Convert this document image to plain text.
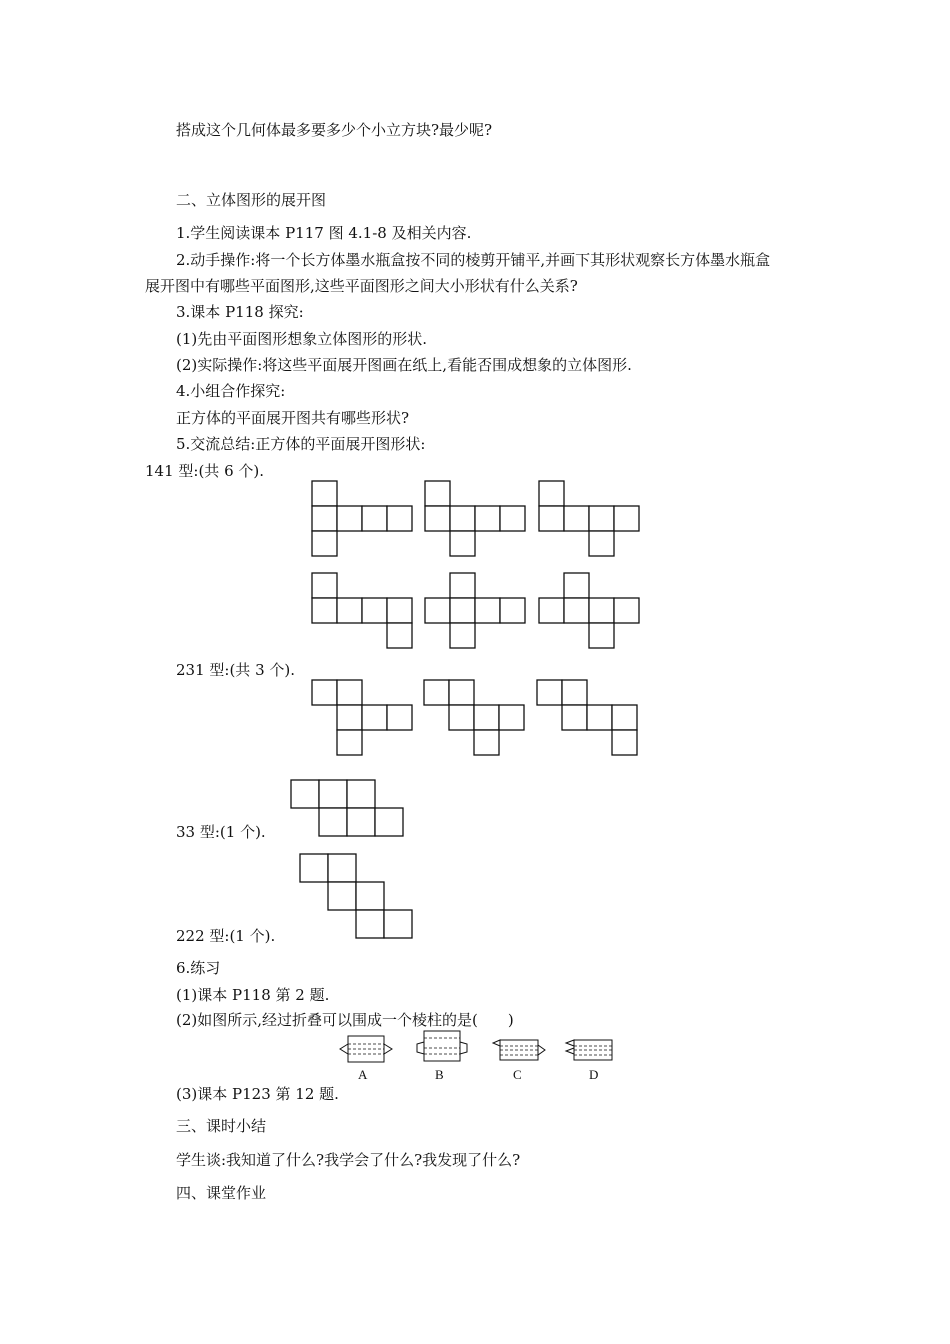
搭成这个几何体最多要多少个小立方块?最少呢?
二、立体图形的展开图
1.学生阅读课本 P117 图 4.1-8 及相关内容.
2.动手操作:将一个长方体墨水瓶盒按不同的棱剪开铺平,并画下其形状观察长方体墨水瓶盒
展开图中有哪些平面图形,这些平面图形之间大小形状有什么关系?
3.课本 P118 探究:
(1)先由平面图形想象立体图形的形状.
(2)实际操作:将这些平面展开图画在纸上,看能否围成想象的立体图形.
4.小组合作探究:
正方体的平面展开图共有哪些形状?
5.交流总结:正方体的平面展开图形状:
141 型:(共 6 个).
231 型:(共 3 个).
33 型:(1 个).
222 型:(1 个).
6.练习
(1)课本 P118 第 2 题.
(2)如图所示,经过折叠可以围成一个棱柱的是(　　)
A	B	C	D
(3)课本 P123 第 12 题.
三、课时小结
学生谈:我知道了什么?我学会了什么?我发现了什么?
四、课堂作业
